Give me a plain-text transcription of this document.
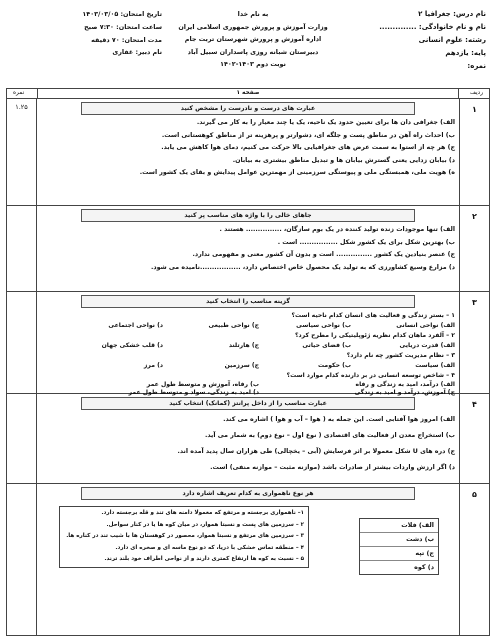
نام درس: جغرافیا ۲
نام و نام خانوادگی: ..............
رشته: علوم انسانی
پایه: یازدهم
نمره:
به نام خدا
وزارت آموزش و پرورش جمهوری اسلامی ایران
اداره آموزش و پرورش شهرستان تربت جام
دبیرستان شبانه روزی پاسداران سبیل آباد
نوبت دوم ۱۴۰۳-۱۴۰۲
تاریخ امتحان: ۱۴۰۳/۰۳/۰۵
ساعت امتحان: ۷:۳۰ صبح
مدت امتحان: ۷۰ دقیقه
نام دبیر: غفاری
ردیف
صفحه ۱
نمره
۱
۱.۲۵	عبارت های درست و نادرست را مشخص کنید
الف) جغرافی دان ها برای تعیین حدود یک ناحیه، یک یا چند معیار را به کار می گیرند.
ب) احداث راه آهن در مناطق پست و جلگه ای، دشوارتر و پرهزینه تر از مناطق کوهستانی است.
ج) هر چه از استوا به سمت عرض های جغرافیایی بالا حرکت می کنیم، دمای هوا کاهش می یابد.
د) بیابان زدایی یعنی گسترش بیابان ها و تبدیل مناطق بیشتری به بیابان.
ه) هویت ملی، همبستگی ملی و پیوستگی سرزمینی از مهمترین عوامل پیدایش و بقای یک کشور است.
۲
جاهای خالی را با واژه های مناسب پر کنید
الف) تنها موجودات زنده تولید کننده در یک بوم سازگان، ............... هستند .
ب) بهترین شکل برای یک کشور شکل ................ است .
ج) عنصر بنیادین یک کشور ............... است و بدون آن کشور معنی و مفهومی ندارد.
د) مزارع وسیع کشاورزی که به تولید یک محصول خاص اختصاص دارد، .................نامیده می شود.
۳
گزینه مناسب را انتخاب کنید
۱ – بستر زندگی و فعالیت های انسان کدام ناحیه است؟
الف) نواحی انسانی
ب) نواحی سیاسی
ج) نواحی طبیعی
د) نواحی اجتماعی
۲ – آلفرد ماهان کدام نظریه ژئوپلیتیکی را مطرح کرد؟
الف) قدرت دریایی
ب) فضای حیاتی
ج) هارتلند
د) قلب خشکی جهان
۳ – نظام مدیریت کشور چه نام دارد؟
الف) سیاست
ب) حکومت
ج) سرزمین
د) مرز
۴ – شاخص توسعه انسانی در بر دارنده کدام موارد است؟
الف) درآمد، امید به زندگی و رفاه
ب) رفاه، آموزش و متوسط طول عمر
ج) آموزش، درآمد و امید به زندگی
د) امید به زندگی، سواد و متوسط طول عمر
۴
عبارت مناسب را از داخل پرانتز (کمانک) انتخاب کنید
الف) امروز هوا آفتابی است. این جمله به ( هوا – آب و هوا ) اشاره می کند.
ب) استخراج معدن از فعالیت های اقتصادی ( نوع اول – نوع دوم) به شمار می آید.
ج) دره های U شکل معمولا بر اثر فرسایش (آبی – یخچالی) طی هزاران سال پدید آمده اند.
د) اگر ارزش واردات بیشتر از صادرات باشد (موازنه مثبت – موازنه منفی) است.
۵
هر نوع ناهمواری به کدام تعریف اشاره دارد
۱– ناهمواری برجسته و مرتفع که معمولا دامنه های تند و قله برجسته دارد.
۲ – سرزمین های پست و نسبتا هموار، در میان کوه ها یا در کنار سواحل.
۳ – سرزمین های مرتفع و نسبتا هموار، محصور در کوهستان ها با شیب تند در کناره ها.
۴ – منطقه تماس خشکی با دریا، که دو نوع ماسه ای و صخره ای دارد.
۵ – نسبت به کوه ها ارتفاع کمتری دارند و از نواحی اطراف خود بلند ترند.
الف) فلات
ب) دشت
ج) تپه
د) کوه
